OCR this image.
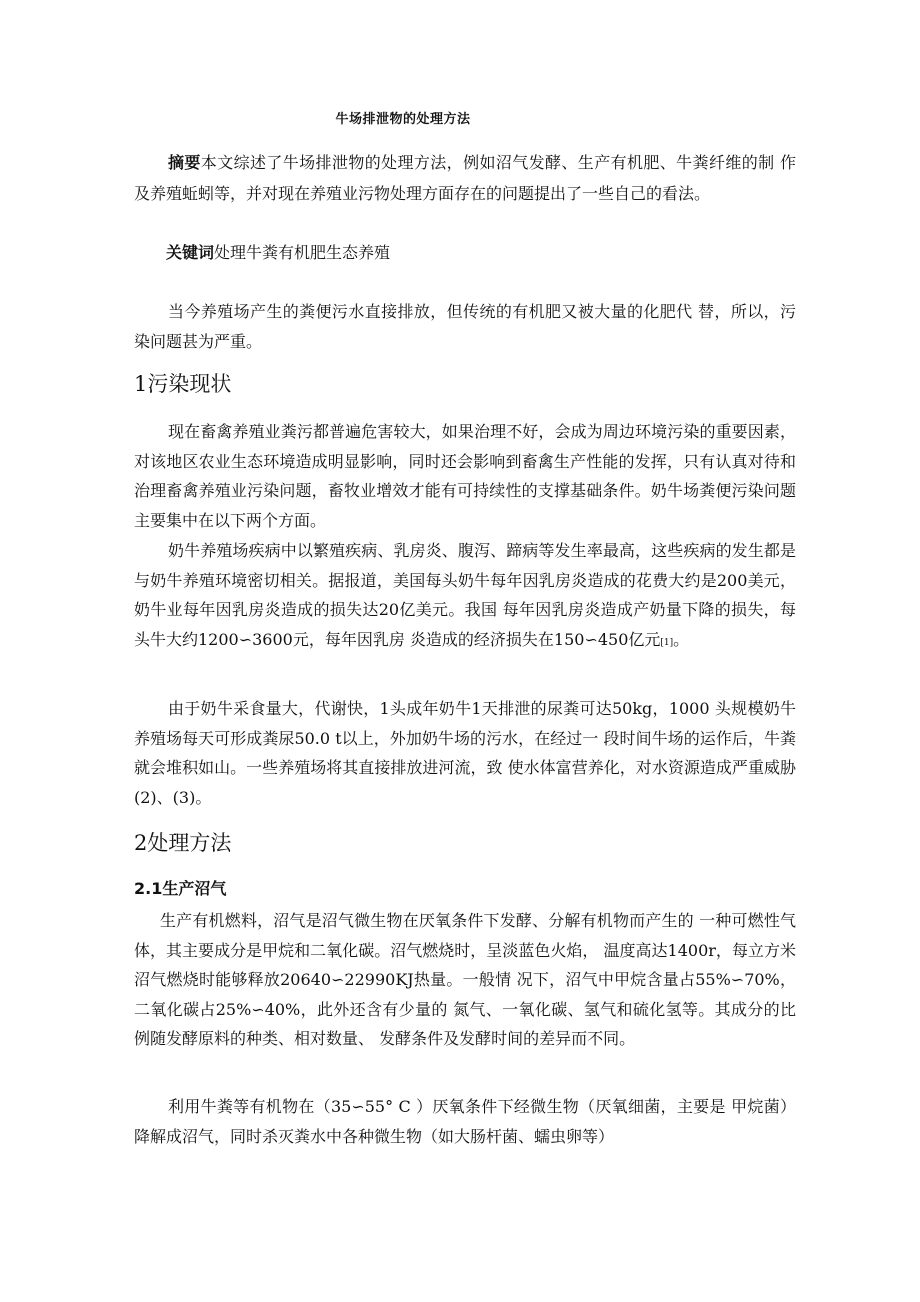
牛场排泄物的处理方法

摘要本文综述了牛场排泄物的处理方法，例如沼气发酵、生产有机肥、牛粪纤维的制 作及养殖蚯蚓等，并对现在养殖业污物处理方面存在的问题提出了一些自己的看法。

关键词处理牛粪有机肥生态养殖

当今养殖场产生的粪便污水直接排放，但传统的有机肥又被大量的化肥代 替，所以，污染问题甚为严重。

1污染现状

现在畜禽养殖业粪污都普遍危害较大，如果治理不好，会成为周边环境污染的重要因素，对该地区农业生态环境造成明显影响，同时还会影响到畜禽生产性能的发挥，只有认真对待和治理畜禽养殖业污染问题，畜牧业增效才能有可持续性的支撑基础条件。奶牛场粪便污染问题主要集中在以下两个方面。

奶牛养殖场疾病中以繁殖疾病、乳房炎、腹泻、蹄病等发生率最高，这些疾病的发生都是与奶牛养殖环境密切相关。据报道，美国每头奶牛每年因乳房炎造成的花费大约是200美元，奶牛业每年因乳房炎造成的损失达20亿美元。我国 每年因乳房炎造成产奶量下降的损失，每头牛大约1200∽3600元，每年因乳房 炎造成的经济损失在150∽450亿元[1]。

由于奶牛采食量大，代谢快，1头成年奶牛1天排泄的尿粪可达50kg，1000 头规模奶牛养殖场每天可形成粪尿50.0 t以上，外加奶牛场的污水，在经过一 段时间牛场的运作后，牛粪就会堆积如山。一些养殖场将其直接排放进河流，致 使水体富营养化，对水资源造成严重威胁(2)、(3)。

2处理方法
2.1生产沼气

生产有机燃料，沼气是沼气微生物在厌氧条件下发酵、分解有机物而产生的 一种可燃性气体，其主要成分是甲烷和二氧化碳。沼气燃烧时，呈淡蓝色火焰， 温度高达1400r，每立方米沼气燃烧时能够释放20640∽22990KJ热量。一般情 况下，沼气中甲烷含量占55%∽70%，二氧化碳占25%∽40%，此外还含有少量的 氮气、一氧化碳、氢气和硫化氢等。其成分的比例随发酵原料的种类、相对数量、 发酵条件及发酵时间的差异而不同。

利用牛粪等有机物在（35∽55° C ）厌氧条件下经微生物（厌氧细菌，主要是 甲烷菌）降解成沼气，同时杀灭粪水中各种微生物（如大肠杆菌、蠕虫卵等）
